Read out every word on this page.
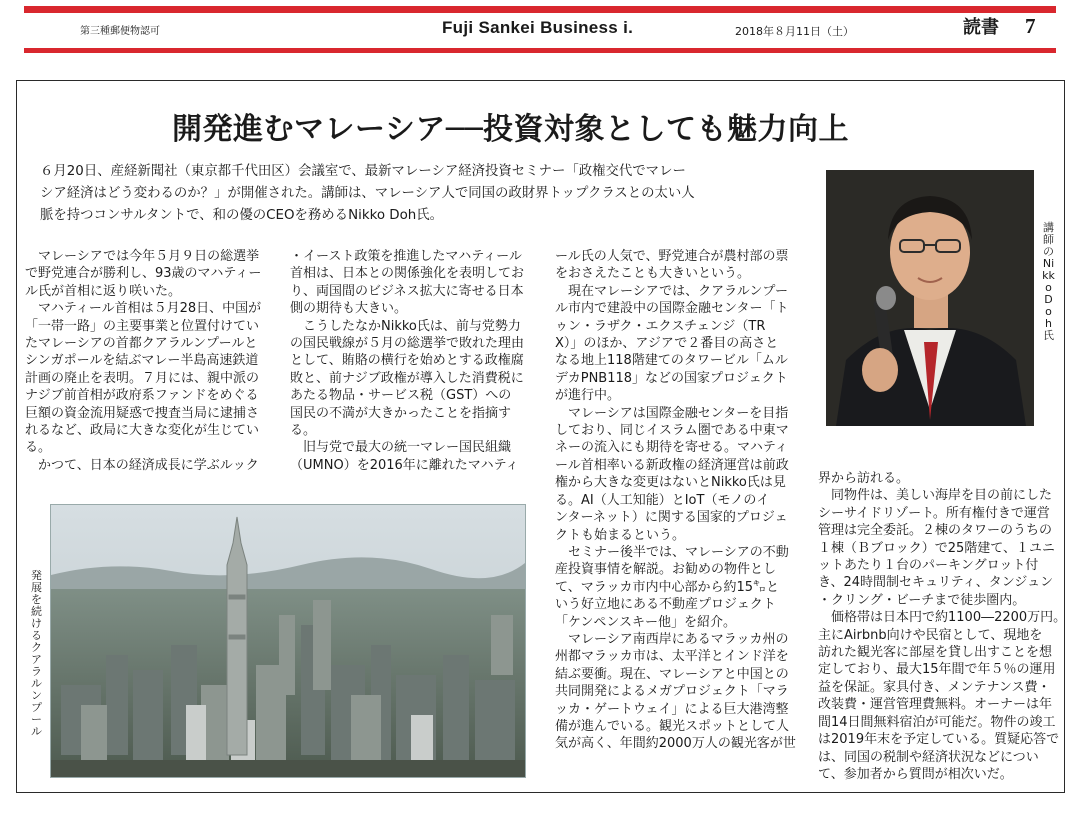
第三種郵便物認可	Fuji Sankei Business i.	2018年８月11日（土）	読書 7
開発進むマレーシア──投資対象としても魅力向上
６月20日、産経新聞社（東京都千代田区）会議室で、最新マレーシア経済投資セミナー「政権交代でマレー
シア経済はどう変わるのか？」が開催された。講師は、マレーシア人で同国の政財界トップクラスとの太い人
脈を持つコンサルタントで、和の優のCEOを務めるNikko Doh氏。
　マレーシアでは今年５月９日の総選挙
で野党連合が勝利し、93歳のマハティー
ル氏が首相に返り咲いた。
　マハティール首相は５月28日、中国が
「一帯一路」の主要事業と位置付けてい
たマレーシアの首都クアラルンプールと
シンガポールを結ぶマレー半島高速鉄道
計画の廃止を表明。７月には、親中派の
ナジブ前首相が政府系ファンドをめぐる
巨額の資金流用疑惑で捜査当局に逮捕さ
れるなど、政局に大きな変化が生じてい
る。
　かつて、日本の経済成長に学ぶルック
・イースト政策を推進したマハティール
首相は、日本との関係強化を表明してお
り、両国間のビジネス拡大に寄せる日本
側の期待も大きい。
　こうしたなかNikko氏は、前与党勢力
の国民戦線が５月の総選挙で敗れた理由
として、賄賂の横行を始めとする政権腐
敗と、前ナジブ政権が導入した消費税に
あたる物品・サービス税（GST）への
国民の不満が大きかったことを指摘す
る。
　旧与党で最大の統一マレー国民組織
（UMNO）を2016年に離れたマハティ
ール氏の人気で、野党連合が農村部の票
をおさえたことも大きいという。
　現在マレーシアでは、クアラルンプー
ル市内で建設中の国際金融センター「ト
ゥン・ラザク・エクスチェンジ（TR
X）」のほか、アジアで２番目の高さと
なる地上118階建てのタワービル「ムル
デカPNB118」などの国家プロジェクト
が進行中。
　マレーシアは国際金融センターを目指
しており、同じイスラム圏である中東マ
ネーの流入にも期待を寄せる。マハティ
ール首相率いる新政権の経済運営は前政
権から大きな変更はないとNikko氏は見
る。AI（人工知能）とIoT（モノのイ
ンターネット）に関する国家的プロジェ
クトも始まるという。
　セミナー後半では、マレーシアの不動
産投資事情を解説。お勧めの物件とし
て、マラッカ市内中心部から約15㌔と
いう好立地にある不動産プロジェクト
「ケンペンスキー他」を紹介。
　マレーシア南西岸にあるマラッカ州の
州都マラッカ市は、太平洋とインド洋を
結ぶ要衝。現在、マレーシアと中国との
共同開発によるメガプロジェクト「マラ
ッカ・ゲートウェイ」による巨大港湾整
備が進んでいる。観光スポットとして人
気が高く、年間約2000万人の観光客が世
界から訪れる。
　同物件は、美しい海岸を目の前にした
シーサイドリゾート。所有権付きで運営
管理は完全委託。２棟のタワーのうちの
１棟（Ｂブロック）で25階建て、１ユニ
ットあたり１台のパーキングロット付
き、24時間制セキュリティ、タンジュン
・クリング・ビーチまで徒歩圏内。
　価格帯は日本円で約1100―2200万円。
主にAirbnb向けや民宿として、現地を
訪れた観光客に部屋を貸し出すことを想
定しており、最大15年間で年５％の運用
益を保証。家具付き、メンテナンス費・
改装費・運営管理費無料。オーナーは年
間14日間無料宿泊が可能だ。物件の竣工
は2019年末を予定している。質疑応答で
は、同国の税制や経済状況などについ
て、参加者から質問が相次いだ。
発展を続けるクアラルンプール
講師のNikko Doh氏
